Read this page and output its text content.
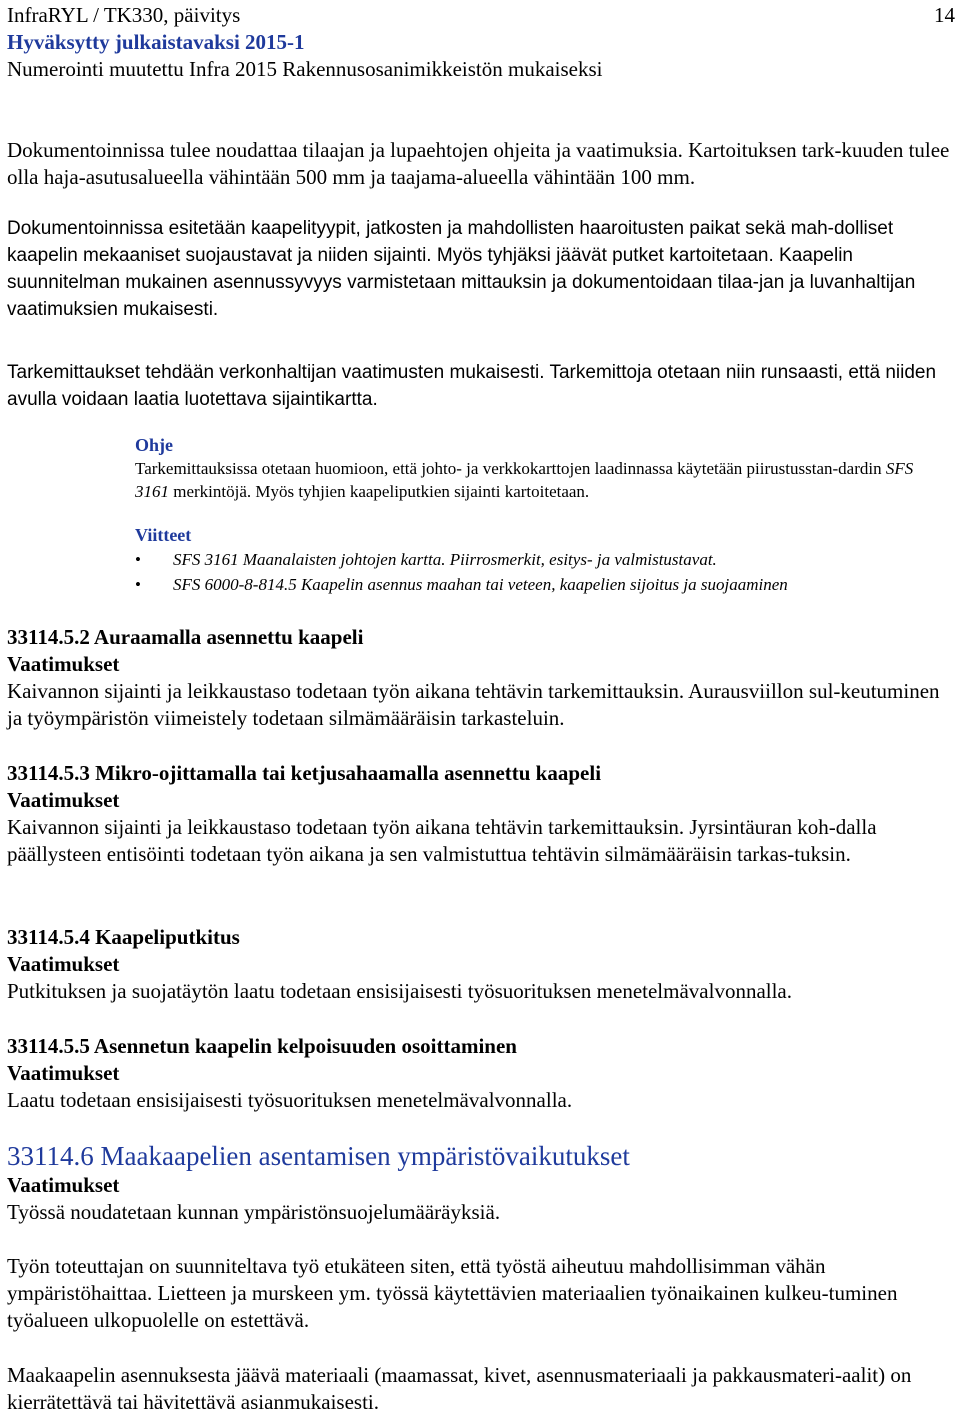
InfraRYL / TK330, päivitys
Hyväksytty julkaistavaksi 2015-1
Numerointi muutettu Infra 2015 Rakennusosanimikkeistön mukaiseksi
14

Dokumentoinnissa tulee noudattaa tilaajan ja lupaehtojen ohjeita ja vaatimuksia. Kartoituksen tark-kuuden tulee olla haja-asutusalueella vähintään 500 mm ja taajama-alueella vähintään 100 mm.

Dokumentoinnissa esitetään kaapelityypit, jatkosten ja mahdollisten haaroitusten paikat sekä mah-dolliset kaapelin mekaaniset suojaustavat ja niiden sijainti. Myös tyhjäksi jäävät putket kartoitetaan. Kaapelin suunnitelman mukainen asennussyvyys varmistetaan mittauksin ja dokumentoidaan tilaa-jan ja luvanhaltijan vaatimuksien mukaisesti.

Tarkemittaukset tehdään verkonhaltijan vaatimusten mukaisesti. Tarkemittoja otetaan niin runsaasti, että niiden avulla voidaan laatia luotettava sijaintikartta.

Ohje
Tarkemittauksissa otetaan huomioon, että johto- ja verkkokarttojen laadinnassa käytetään piirustusstan-dardin SFS 3161 merkintöjä. Myös tyhjien kaapeliputkien sijainti kartoitetaan.
Viitteet
• SFS 3161 Maanalaisten johtojen kartta. Piirrosmerkit, esitys- ja valmistustavat.
• SFS 6000-8-814.5 Kaapelin asennus maahan tai veteen, kaapelien sijoitus ja suojaaminen
33114.5.2 Auraamalla asennettu kaapeli
Vaatimukset

Kaivannon sijainti ja leikkaustaso todetaan työn aikana tehtävin tarkemittauksin. Aurausviillon sul-keutuminen ja työympäristön viimeistely todetaan silmämääräisin tarkasteluin.

33114.5.3 Mikro-ojittamalla tai ketjusahaamalla asennettu kaapeli
Vaatimukset

Kaivannon sijainti ja leikkaustaso todetaan työn aikana tehtävin tarkemittauksin. Jyrsintäuran koh-dalla päällysteen entisöinti todetaan työn aikana ja sen valmistuttua tehtävin silmämääräisin tarkas-tuksin.

33114.5.4 Kaapeliputkitus
Vaatimukset

Putkituksen ja suojatäytön laatu todetaan ensisijaisesti työsuorituksen menetelmävalvonnalla.

33114.5.5 Asennetun kaapelin kelpoisuuden osoittaminen
Vaatimukset

Laatu todetaan ensisijaisesti työsuorituksen menetelmävalvonnalla.

33114.6 Maakaapelien asentamisen ympäristövaikutukset
Vaatimukset

Työssä noudatetaan kunnan ympäristönsuojelumääräyksiä.

Työn toteuttajan on suunniteltava työ etukäteen siten, että työstä aiheutuu mahdollisimman vähän ympäristöhaittaa. Lietteen ja murskeen ym. työssä käytettävien materiaalien työnaikainen kulkeu-tuminen työalueen ulkopuolelle on estettävä.

Maakaapelin asennuksesta jäävä materiaali (maamassat, kivet, asennusmateriaali ja pakkausmateri-aalit) on kierrätettävä tai hävitettävä asianmukaisesti.
